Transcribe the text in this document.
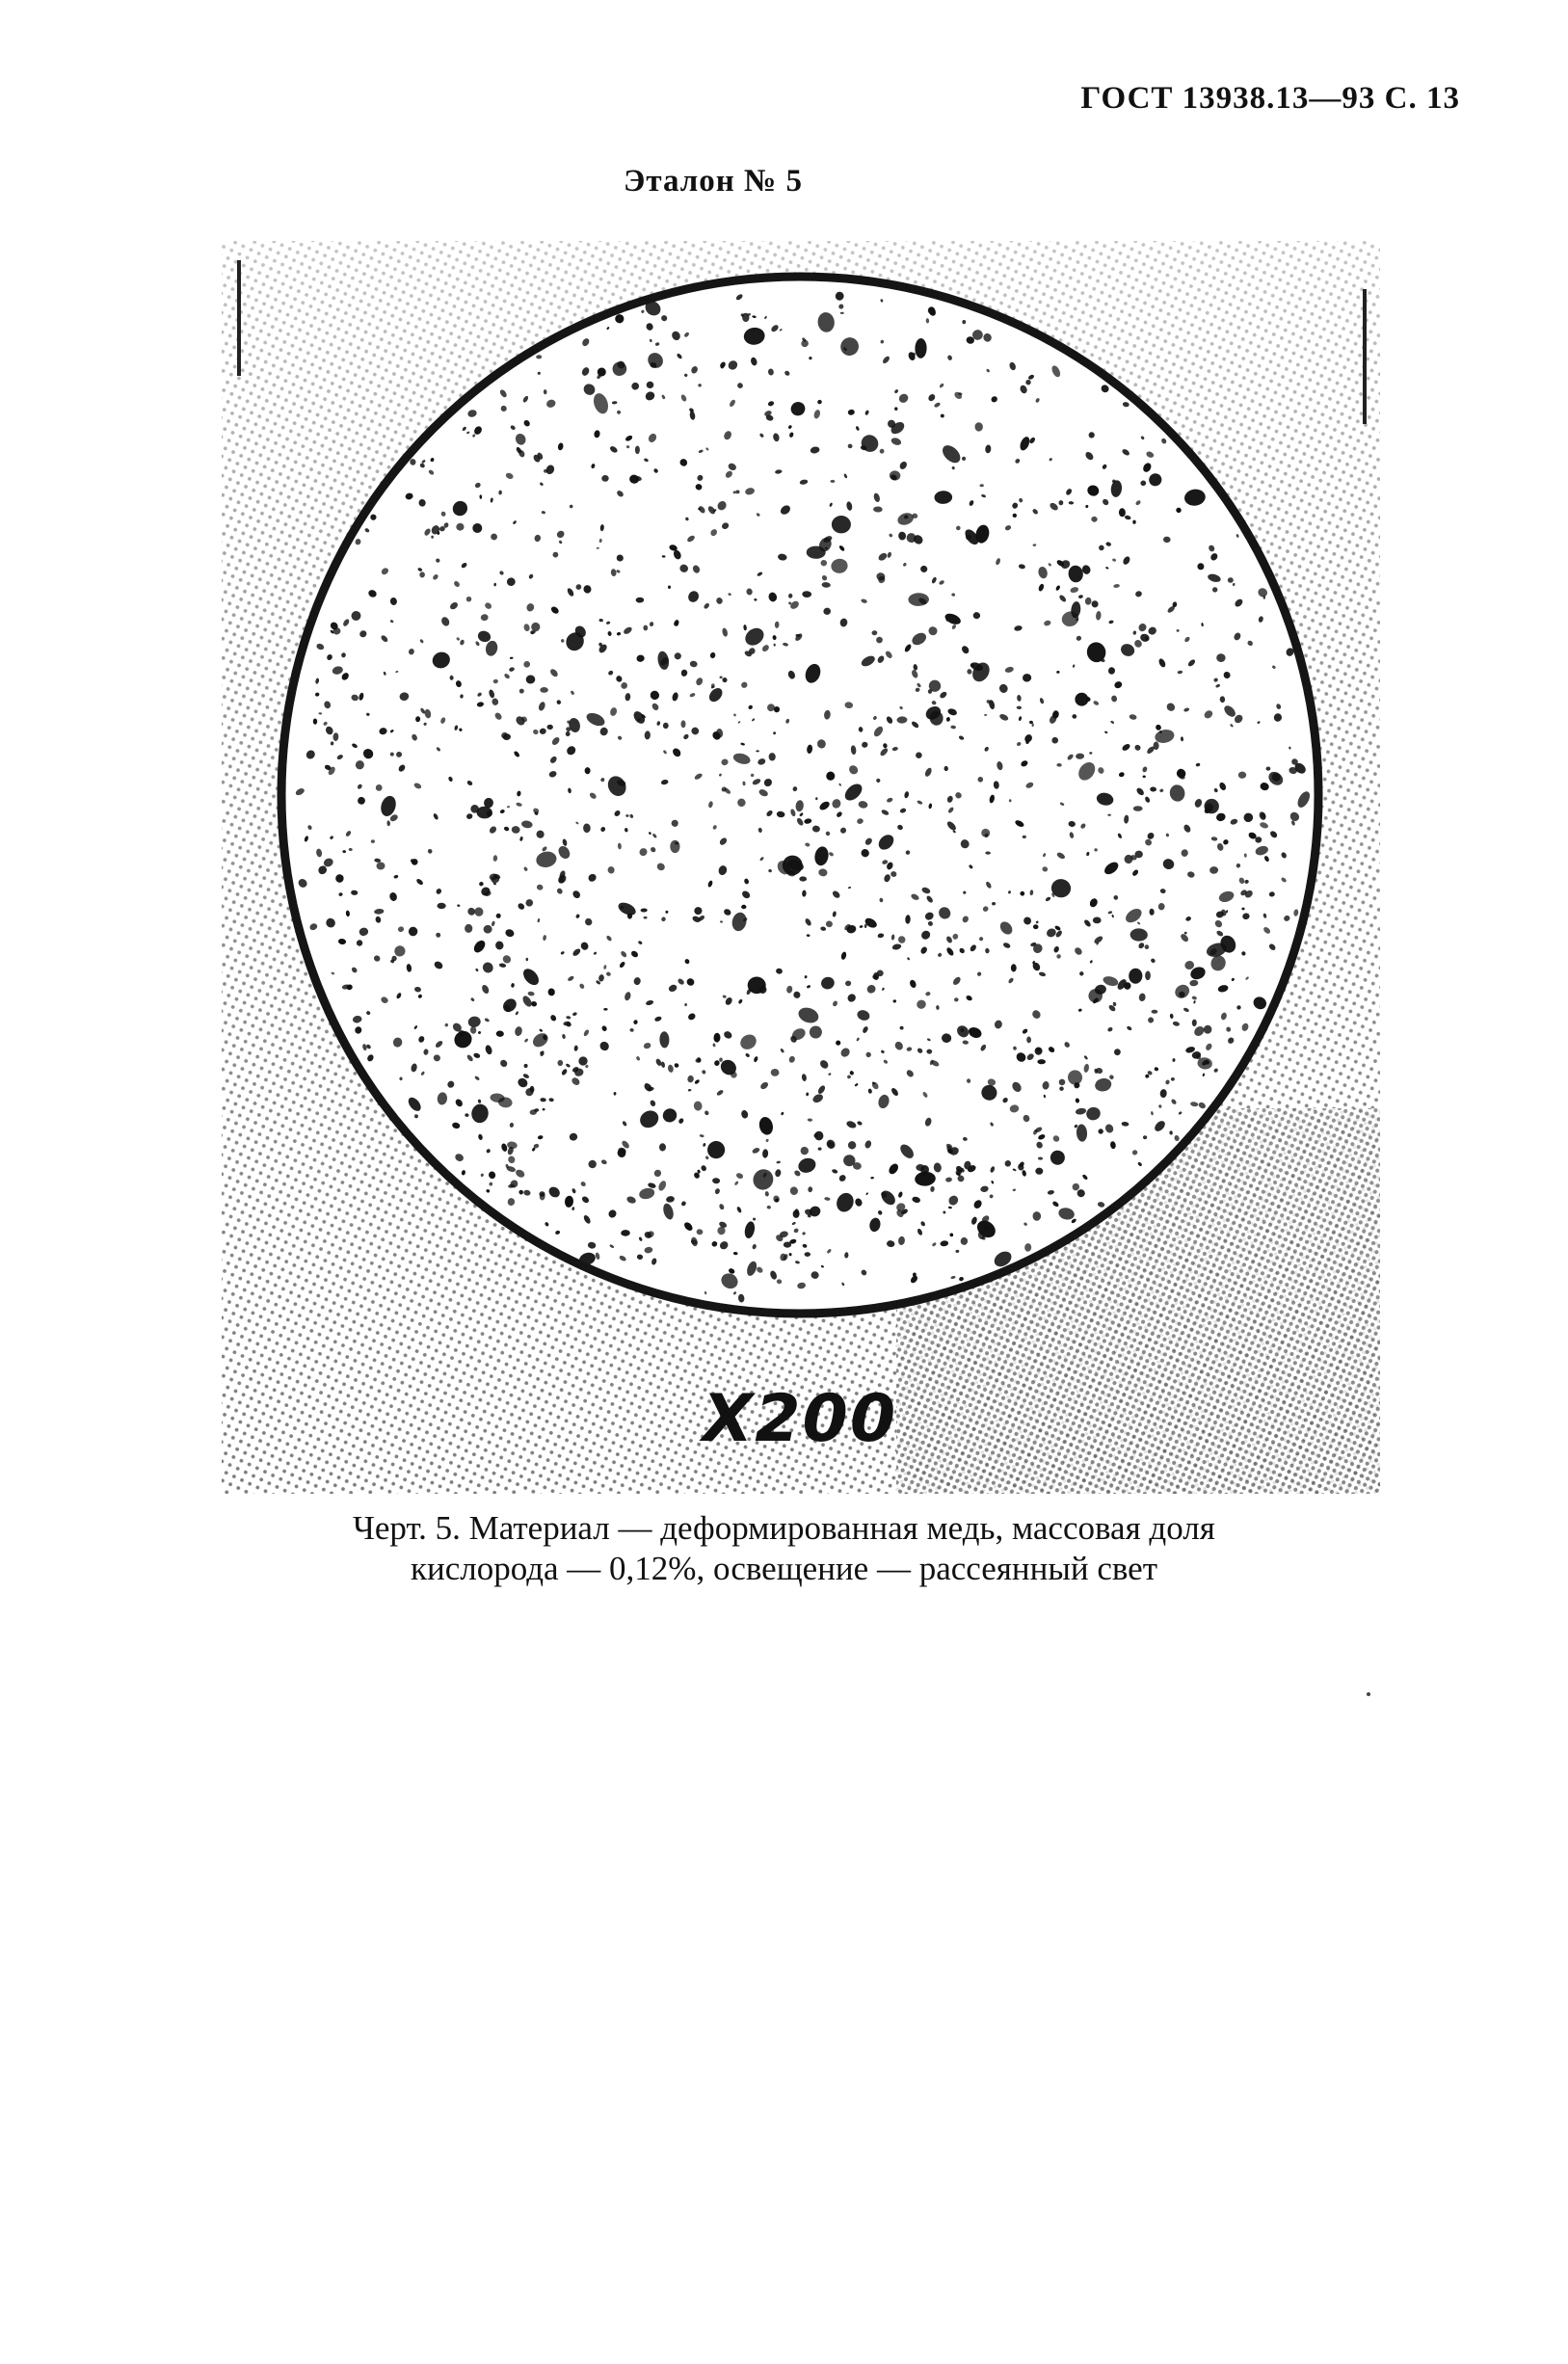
ГОСТ 13938.13—93 С. 13
Эталон № 5
X200
Черт. 5. Материал — деформированная медь, массовая доля
кислорода — 0,12%, освещение — рассеянный свет
